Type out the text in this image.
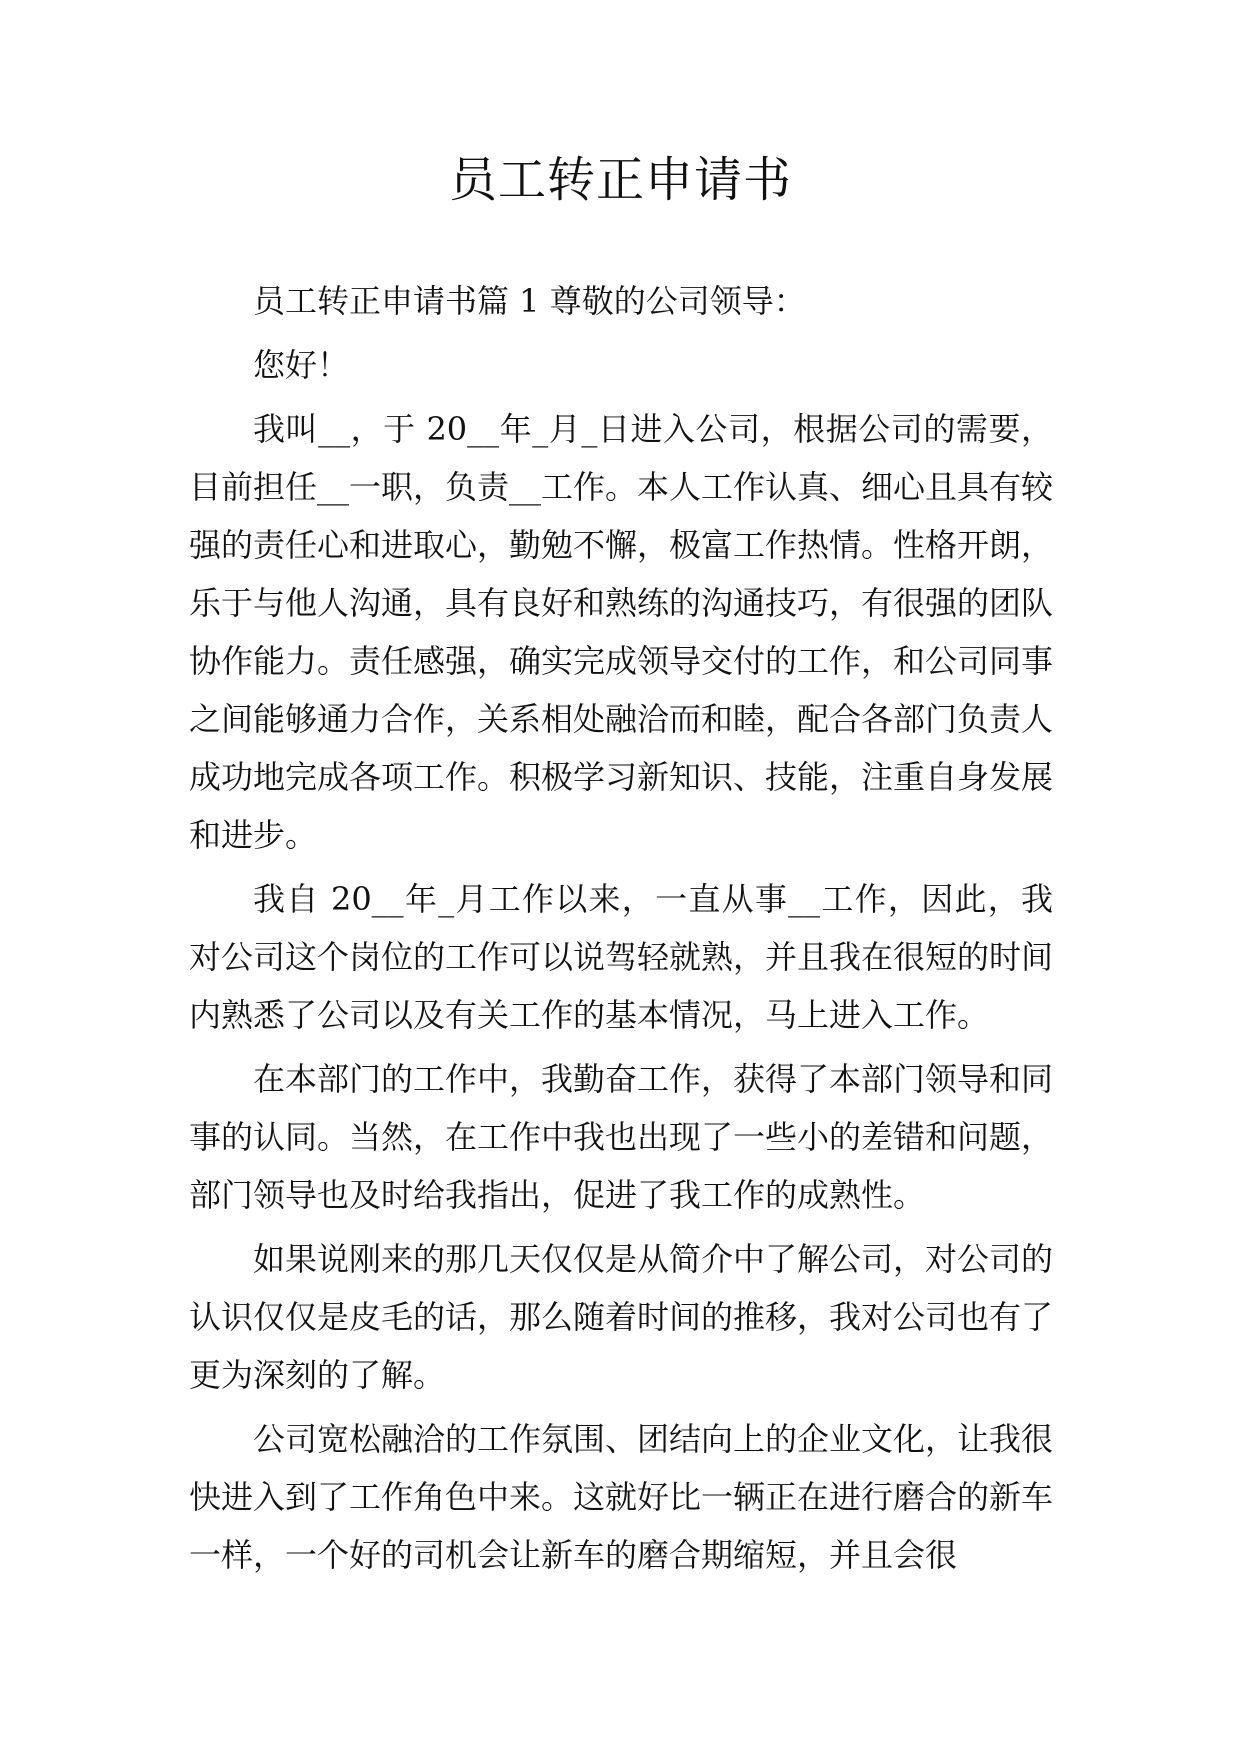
员工转正申请书

员工转正申请书篇 1 尊敬的公司领导：

您好！

我叫__，于 20__年_月_日进入公司，根据公司的需要，目前担任__一职，负责__工作。本人工作认真、细心且具有较强的责任心和进取心，勤勉不懈，极富工作热情。性格开朗，乐于与他人沟通，具有良好和熟练的沟通技巧，有很强的团队协作能力。责任感强，确实完成领导交付的工作，和公司同事之间能够通力合作，关系相处融洽而和睦，配合各部门负责人成功地完成各项工作。积极学习新知识、技能，注重自身发展和进步。

我自 20__年_月工作以来，一直从事__工作，因此，我对公司这个岗位的工作可以说驾轻就熟，并且我在很短的时间内熟悉了公司以及有关工作的基本情况，马上进入工作。

在本部门的工作中，我勤奋工作，获得了本部门领导和同事的认同。当然，在工作中我也出现了一些小的差错和问题，部门领导也及时给我指出，促进了我工作的成熟性。

如果说刚来的那几天仅仅是从简介中了解公司，对公司的认识仅仅是皮毛的话，那么随着时间的推移，我对公司也有了更为深刻的了解。

公司宽松融洽的工作氛围、团结向上的企业文化，让我很快进入到了工作角色中来。这就好比一辆正在进行磨合的新车一样，一个好的司机会让新车的磨合期缩短，并且会很
